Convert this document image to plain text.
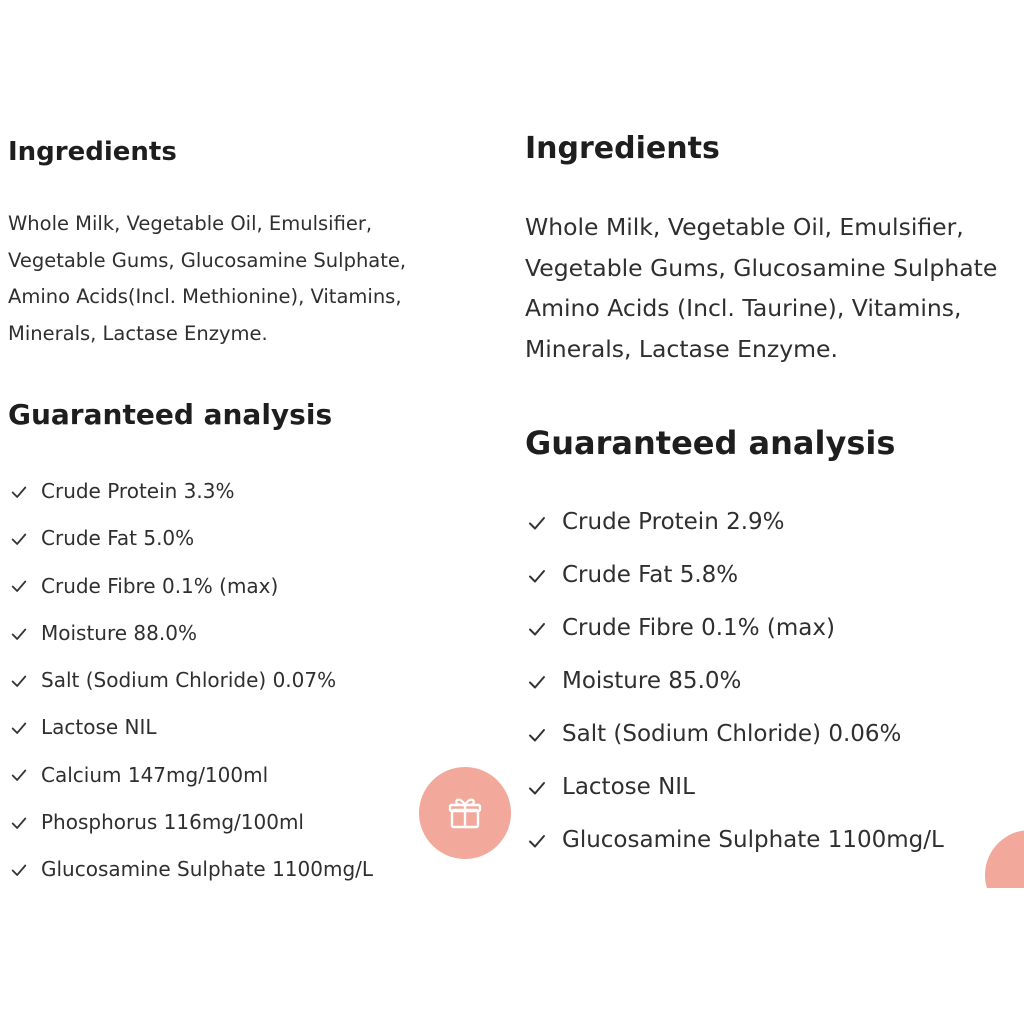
Ingredients

Whole Milk, Vegetable Oil, Emulsifier,
Vegetable Gums, Glucosamine Sulphate,
Amino Acids(Incl. Methionine), Vitamins,
Minerals, Lactase Enzyme.

Guaranteed analysis
Crude Protein 3.3%
Crude Fat 5.0%
Crude Fibre 0.1% (max)
Moisture 88.0%
Salt (Sodium Chloride) 0.07%
Lactose NIL
Calcium 147mg/100ml
Phosphorus 116mg/100ml
Glucosamine Sulphate 1100mg/L
Ingredients

Whole Milk, Vegetable Oil, Emulsifier,
Vegetable Gums, Glucosamine Sulphate
Amino Acids (Incl. Taurine), Vitamins,
Minerals, Lactase Enzyme.

Guaranteed analysis
Crude Protein 2.9%
Crude Fat 5.8%
Crude Fibre 0.1% (max)
Moisture 85.0%
Salt (Sodium Chloride) 0.06%
Lactose NIL
Glucosamine Sulphate 1100mg/L
